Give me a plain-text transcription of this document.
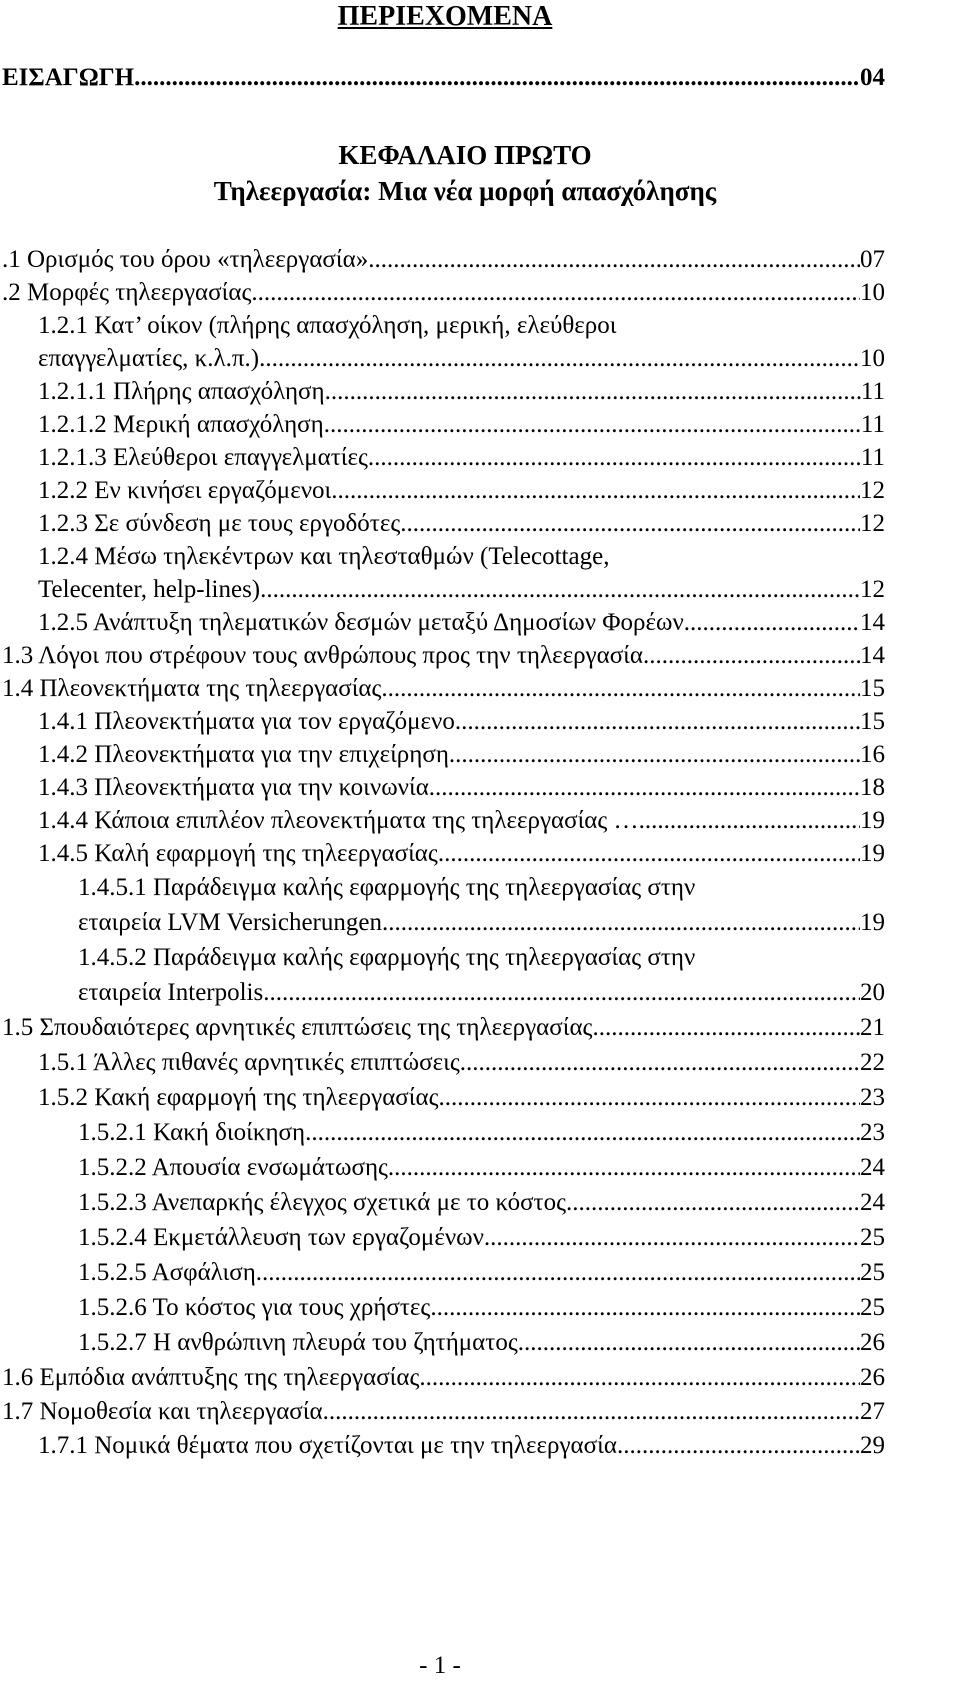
ΠΕΡΙΕΧΟΜΕΝΑ
ΕΙΣΑΓΩΓΗ .....	04
ΚΕΦΑΛΑΙΟ ΠΡΩΤΟ
Τηλεεργασία: Μια νέα μορφή απασχόλησης
.1 Ορισμός του όρου «τηλεεργασία» .....	07
.2 Μορφές τηλεεργασίας .....	10
1.2.1 Κατ’ οίκον (πλήρης απασχόληση, μερική, ελεύθεροι
επαγγελματίες, κ.λ.π.) .....	10
1.2.1.1 Πλήρης απασχόληση .....	11
1.2.1.2 Μερική απασχόληση .....	11
1.2.1.3 Ελεύθεροι επαγγελματίες .....	11
1.2.2 Εν κινήσει εργαζόμενοι .....	12
1.2.3 Σε σύνδεση με τους εργοδότες .....	12
1.2.4 Μέσω τηλεκέντρων και τηλεσταθμών (Telecottage,
Telecenter, help-lines) .....	12
1.2.5 Ανάπτυξη τηλεματικών δεσμών μεταξύ Δημοσίων Φορέων .....	14
1.3 Λόγοι που στρέφουν τους ανθρώπους προς την τηλεεργασία .....	14
1.4 Πλεονεκτήματα της τηλεεργασίας .....	15
1.4.1 Πλεονεκτήματα για τον εργαζόμενο .....	15
1.4.2 Πλεονεκτήματα για την επιχείρηση .....	16
1.4.3 Πλεονεκτήματα για την κοινωνία .....	18
1.4.4 Κάποια επιπλέον πλεονεκτήματα της τηλεεργασίας … .....	19
1.4.5 Καλή εφαρμογή της τηλεεργασίας .....	19
1.4.5.1 Παράδειγμα καλής εφαρμογής της τηλεεργασίας στην
εταιρεία LVM Versicherungen .....	19
1.4.5.2 Παράδειγμα καλής εφαρμογής της τηλεεργασίας στην
εταιρεία Interpolis .....	20
1.5 Σπουδαιότερες αρνητικές επιπτώσεις της τηλεεργασίας .....	21
1.5.1 Άλλες πιθανές αρνητικές επιπτώσεις .....	22
1.5.2 Κακή εφαρμογή της τηλεεργασίας .....	23
1.5.2.1 Κακή διοίκηση .....	23
1.5.2.2 Απουσία ενσωμάτωσης .....	24
1.5.2.3 Ανεπαρκής έλεγχος σχετικά με το κόστος .....	24
1.5.2.4 Εκμετάλλευση των εργαζομένων .....	25
1.5.2.5 Ασφάλιση .....	25
1.5.2.6 Το κόστος για τους χρήστες .....	25
1.5.2.7 Η ανθρώπινη πλευρά του ζητήματος .....	26
1.6 Εμπόδια ανάπτυξης της τηλεεργασίας .....	26
1.7 Νομοθεσία και τηλεεργασία .....	27
1.7.1 Νομικά θέματα που σχετίζονται με την τηλεεργασία .....	29
- 1 -
